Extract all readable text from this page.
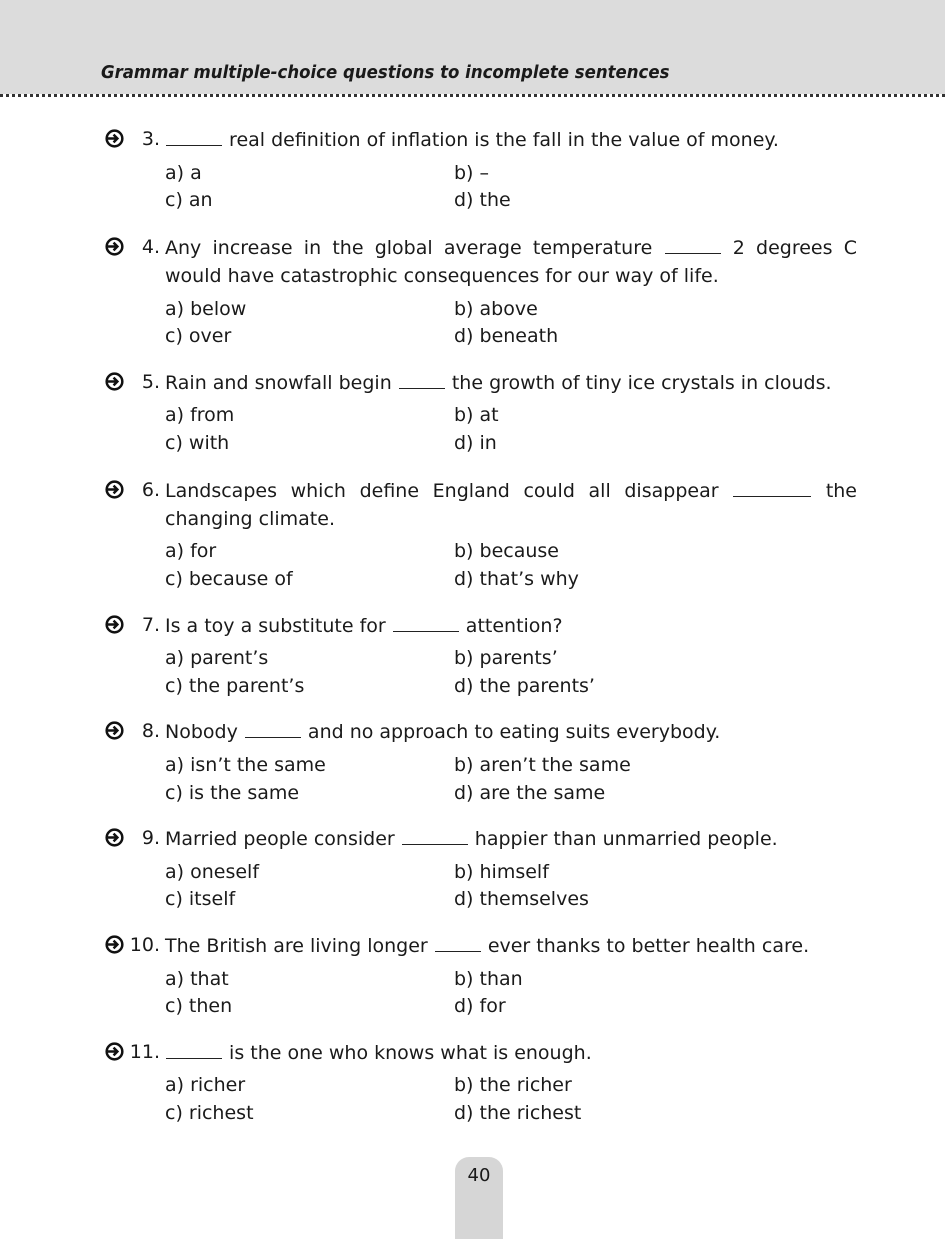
Grammar multiple-choice questions to incomplete sentences
3.	real definition of inflation is the fall in the value of money.
a) a	b) –
c) an	d) the
4. Any increase in the global average temperature	2 degrees C would have catastrophic consequences for our way of life.
a) below	b) above
c) over	d) beneath
5. Rain and snowfall begin	the growth of tiny ice crystals in clouds.
a) from	b) at
c) with	d) in
6. Landscapes which define England could all disappear	the changing climate.
a) for	b) because
c) because of	d) that’s why
7. Is a toy a substitute for	attention?
a) parent’s	b) parents’
c) the parent’s	d) the parents’
8. Nobody	and no approach to eating suits everybody.
a) isn’t the same	b) aren’t the same
c) is the same	d) are the same
9. Married people consider	happier than unmarried people.
a) oneself	b) himself
c) itself	d) themselves
10. The British are living longer	ever thanks to better health care.
a) that	b) than
c) then	d) for
11.	is the one who knows what is enough.
a) richer	b) the richer
c) richest	d) the richest
40
